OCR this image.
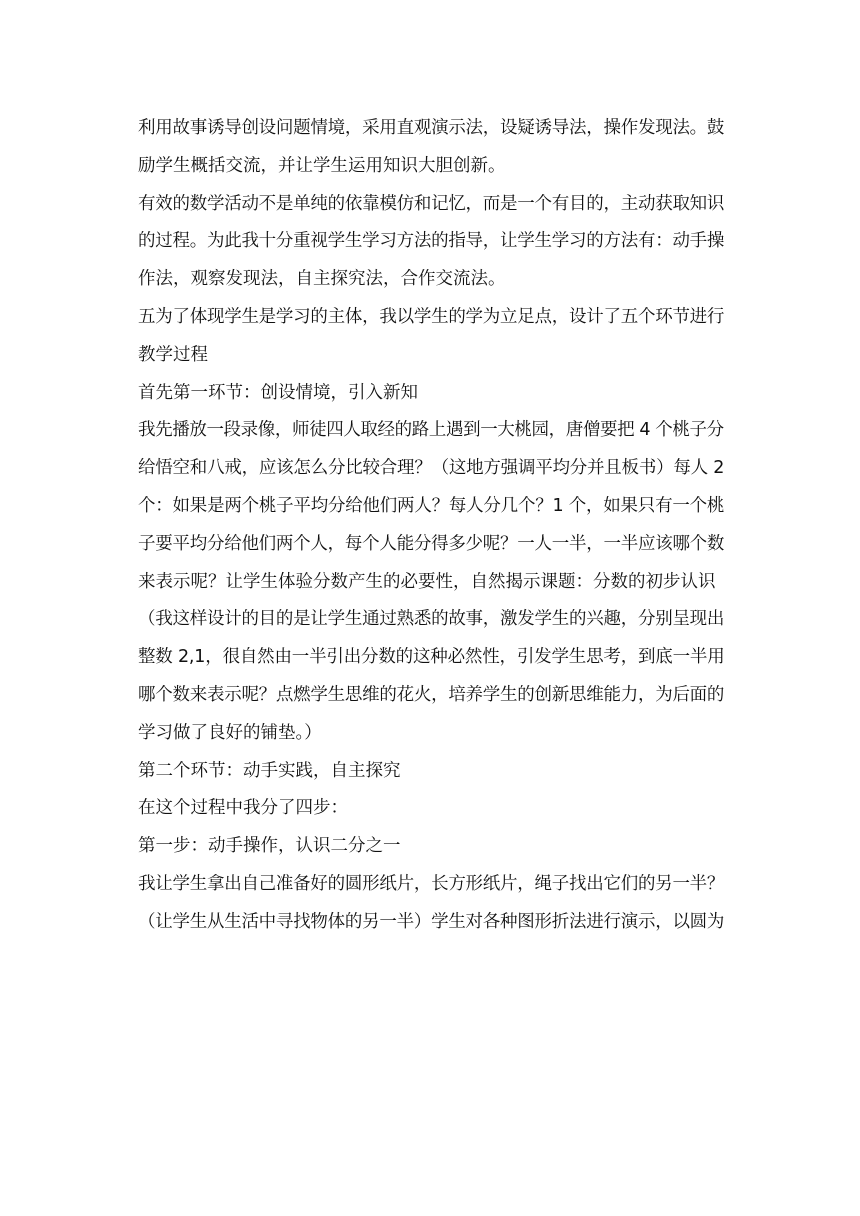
利用故事诱导创设问题情境，采用直观演示法，设疑诱导法，操作发现法。鼓
励学生概括交流，并让学生运用知识大胆创新。
有效的数学活动不是单纯的依靠模仿和记忆，而是一个有目的，主动获取知识
的过程。为此我十分重视学生学习方法的指导，让学生学习的方法有：动手操
作法，观察发现法，自主探究法，合作交流法。
五为了体现学生是学习的主体，我以学生的学为立足点，设计了五个环节进行
教学过程
首先第一环节：创设情境，引入新知
我先播放一段录像，师徒四人取经的路上遇到一大桃园，唐僧要把 4 个桃子分
给悟空和八戒，应该怎么分比较合理？（这地方强调平均分并且板书）每人 2
个：如果是两个桃子平均分给他们两人？每人分几个？1 个，如果只有一个桃
子要平均分给他们两个人，每个人能分得多少呢？一人一半，一半应该哪个数
来表示呢？让学生体验分数产生的必要性，自然揭示课题：分数的初步认识
（我这样设计的目的是让学生通过熟悉的故事，激发学生的兴趣，分别呈现出
整数 2,1，很自然由一半引出分数的这种必然性，引发学生思考，到底一半用
哪个数来表示呢？点燃学生思维的花火，培养学生的创新思维能力，为后面的
学习做了良好的铺垫。）
第二个环节：动手实践，自主探究
在这个过程中我分了四步：
第一步：动手操作，认识二分之一
我让学生拿出自己准备好的圆形纸片，长方形纸片，绳子找出它们的另一半？
（让学生从生活中寻找物体的另一半）学生对各种图形折法进行演示，以圆为
